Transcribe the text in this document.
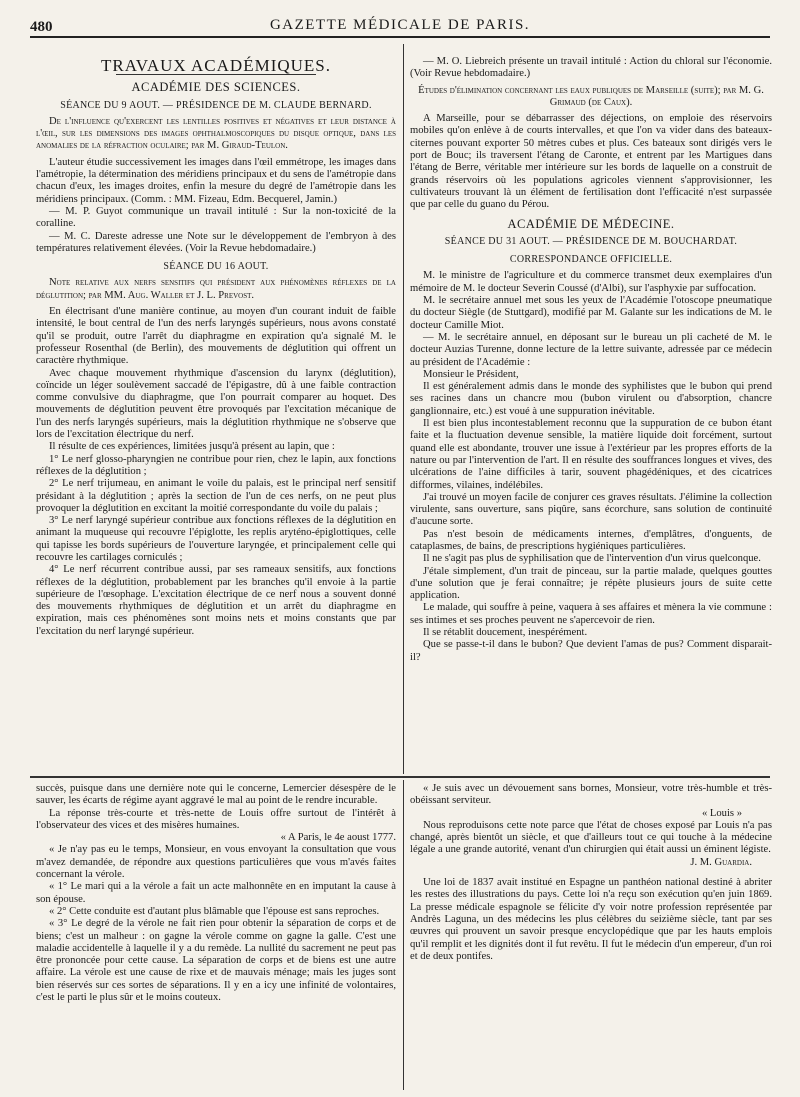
480	GAZETTE MÉDICALE DE PARIS.
TRAVAUX ACADÉMIQUES.
ACADÉMIE DES SCIENCES.
SÉANCE DU 9 AOUT. — PRÉSIDENCE DE M. CLAUDE BERNARD.

De l'influence qu'exercent les lentilles positives et négatives et leur distance à l'œil, sur les dimensions des images ophthalmoscopiques du disque optique, dans les anomalies de la réfraction oculaire; par M. Giraud-Teulon.

L'auteur étudie successivement les images dans l'œil emmétrope, les images dans l'amétropie, la détermination des méridiens principaux et du sens de l'amétropie dans chacun d'eux, les images droites, enfin la mesure du degré de l'amétropie dans les méridiens principaux. (Comm. : MM. Fizeau, Edm. Becquerel, Jamin.)

— M. P. Guyot communique un travail intitulé : Sur la non-toxicité de la coralline.

— M. C. Dareste adresse une Note sur le développement de l'embryon à des températures relativement élevées. (Voir la Revue hebdomadaire.)

SÉANCE DU 16 AOUT.

Note relative aux nerfs sensitifs qui président aux phénomènes réflexes de la déglutition; par MM. Aug. Waller et J. L. Prevost.

En électrisant d'une manière continue, au moyen d'un courant induit de faible intensité, le bout central de l'un des nerfs laryngés supérieurs, nous avons constaté qu'il se produit, outre l'arrêt du diaphragme en expiration qu'a signalé M. le professeur Rosenthal (de Berlin), des mouvements de déglutition qui offrent un caractère rhythmique.

Avec chaque mouvement rhythmique d'ascension du larynx (déglutition), coïncide un léger soulèvement saccadé de l'épigastre, dû à une faible contraction comme convulsive du diaphragme, que l'on pourrait comparer au hoquet. Des mouvements de déglutition peuvent être provoqués par l'excitation mécanique de l'un des nerfs laryngés supérieurs, mais la déglutition rhythmique ne s'observe que lors de l'excitation électrique du nerf.

Il résulte de ces expériences, limitées jusqu'à présent au lapin, que :

1° Le nerf glosso-pharyngien ne contribue pour rien, chez le lapin, aux fonctions réflexes de la déglutition ;

2° Le nerf trijumeau, en animant le voile du palais, est le principal nerf sensitif présidant à la déglutition ; après la section de l'un de ces nerfs, on ne peut plus provoquer la déglutition en excitant la moitié correspondante du voile du palais ;

3° Le nerf laryngé supérieur contribue aux fonctions réflexes de la déglutition en animant la muqueuse qui recouvre l'épiglotte, les replis aryténo-épiglottiques, celle qui tapisse les bords supérieurs de l'ouverture laryngée, et principalement celle qui recouvre les cartilages corniculés ;

4° Le nerf récurrent contribue aussi, par ses rameaux sensitifs, aux fonctions réflexes de la déglutition, probablement par les branches qu'il envoie à la partie supérieure de l'œsophage. L'excitation électrique de ce nerf nous a souvent donné des mouvements rhythmiques de déglutition et un arrêt du diaphragme en expiration, mais ces phénomènes sont moins nets et moins constants que par l'excitation du nerf laryngé supérieur.

— M. O. Liebreich présente un travail intitulé : Action du chloral sur l'économie. (Voir Revue hebdomadaire.)

Études d'élimination concernant les eaux publiques de Marseille (suite); par M. G. Grimaud (de Caux).

A Marseille, pour se débarrasser des déjections, on emploie des réservoirs mobiles qu'on enlève à de courts intervalles, et que l'on va vider dans des bateaux-citernes pouvant exporter 50 mètres cubes et plus. Ces bateaux sont dirigés vers le port de Bouc; ils traversent l'étang de Caronte, et entrent par les Martigues dans l'étang de Berre, véritable mer intérieure sur les bords de laquelle on a construit de grands réservoirs où les populations agricoles viennent s'approvisionner, les cultivateurs trouvant là un élément de fertilisation dont l'efficacité n'est surpassée que par celle du guano du Pérou.

ACADÉMIE DE MÉDECINE.
SÉANCE DU 31 AOUT. — PRÉSIDENCE DE M. BOUCHARDAT.
CORRESPONDANCE OFFICIELLE.

M. le ministre de l'agriculture et du commerce transmet deux exemplaires d'un mémoire de M. le docteur Severin Coussé (d'Albi), sur l'asphyxie par suffocation.

M. le secrétaire annuel met sous les yeux de l'Académie l'otoscope pneumatique du docteur Siègle (de Stuttgard), modifié par M. Galante sur les indications de M. le docteur Camille Miot.

— M. le secrétaire annuel, en déposant sur le bureau un pli cacheté de M. le docteur Auzias Turenne, donne lecture de la lettre suivante, adressée par ce médecin au président de l'Académie :

Monsieur le Président,

Il est généralement admis dans le monde des syphilistes que le bubon qui prend ses racines dans un chancre mou (bubon virulent ou d'absorption, chancre ganglionnaire, etc.) est voué à une suppuration inévitable.

Il est bien plus incontestablement reconnu que la suppuration de ce bubon étant faite et la fluctuation devenue sensible, la matière liquide doit forcément, surtout quand elle est abondante, trouver une issue à l'extérieur par les propres efforts de la nature ou par l'intervention de l'art. Il en résulte des souffrances longues et vives, des ulcérations de l'aine difficiles à tarir, souvent phagédéniques, et des cicatrices difformes, vilaines, indélébiles.

J'ai trouvé un moyen facile de conjurer ces graves résultats. J'élimine la collection virulente, sans ouverture, sans piqûre, sans écorchure, sans solution de continuité d'aucune sorte.

Pas n'est besoin de médicaments internes, d'emplâtres, d'onguents, de cataplasmes, de bains, de prescriptions hygiéniques particulières.

Il ne s'agit pas plus de syphilisation que de l'intervention d'un virus quelconque.

J'étale simplement, d'un trait de pinceau, sur la partie malade, quelques gouttes d'une solution que je ferai connaître; je répète plusieurs jours de suite cette application.

Le malade, qui souffre à peine, vaquera à ses affaires et mènera la vie commune : ses intimes et ses proches peuvent ne s'apercevoir de rien.

Il se rétablit doucement, inespérément.

Que se passe-t-il dans le bubon? Que devient l'amas de pus? Comment disparait-il?

succès, puisque dans une dernière note qui le concerne, Lemercier désespère de le sauver, les écarts de régime ayant aggravé le mal au point de le rendre incurable.

La réponse très-courte et très-nette de Louis offre surtout de l'intérêt à l'observateur des vices et des misères humaines.

« A Paris, le 4e aoust 1777.

« Je n'ay pas eu le temps, Monsieur, en vous envoyant la consultation que vous m'avez demandée, de répondre aux questions particulières que vous m'avés faites concernant la vérole.

« 1° Le mari qui a la vérole a fait un acte malhonnête en en imputant la cause à son épouse.

« 2° Cette conduite est d'autant plus blâmable que l'épouse est sans reproches.

« 3° Le degré de la vérole ne fait rien pour obtenir la séparation de corps et de biens; c'est un malheur : on gagne la vérole comme on gagne la galle. C'est une maladie accidentelle à laquelle il y a du remède. La nullité du sacrement ne peut pas être prononcée pour cette cause. La séparation de corps et de biens est une autre affaire. La vérole est une cause de rixe et de mauvais ménage; mais les juges sont bien réservés sur ces sortes de séparations. Il y en a icy une infinité de volontaires, c'est le parti le plus sûr et le moins couteux.

« Je suis avec un dévouement sans bornes, Monsieur, votre très-humble et très-obéissant serviteur.

« Louis »

Nous reproduisons cette note parce que l'état de choses exposé par Louis n'a pas changé, après bientôt un siècle, et que d'ailleurs tout ce qui touche à la médecine légale a une grande autorité, venant d'un chirurgien qui était aussi un éminent légiste.

J. M. Guardia.

Une loi de 1837 avait institué en Espagne un panthéon national destiné à abriter les restes des illustrations du pays. Cette loi n'a reçu son exécution qu'en juin 1869. La presse médicale espagnole se félicite d'y voir notre profession représentée par Andrès Laguna, un des médecins les plus célèbres du seizième siècle, tant par ses œuvres qui prouvent un savoir presque encyclopédique que par les hauts emplois qu'il remplit et les dignités dont il fut revêtu. Il fut le médecin d'un empereur, d'un roi et de deux pontifes.
